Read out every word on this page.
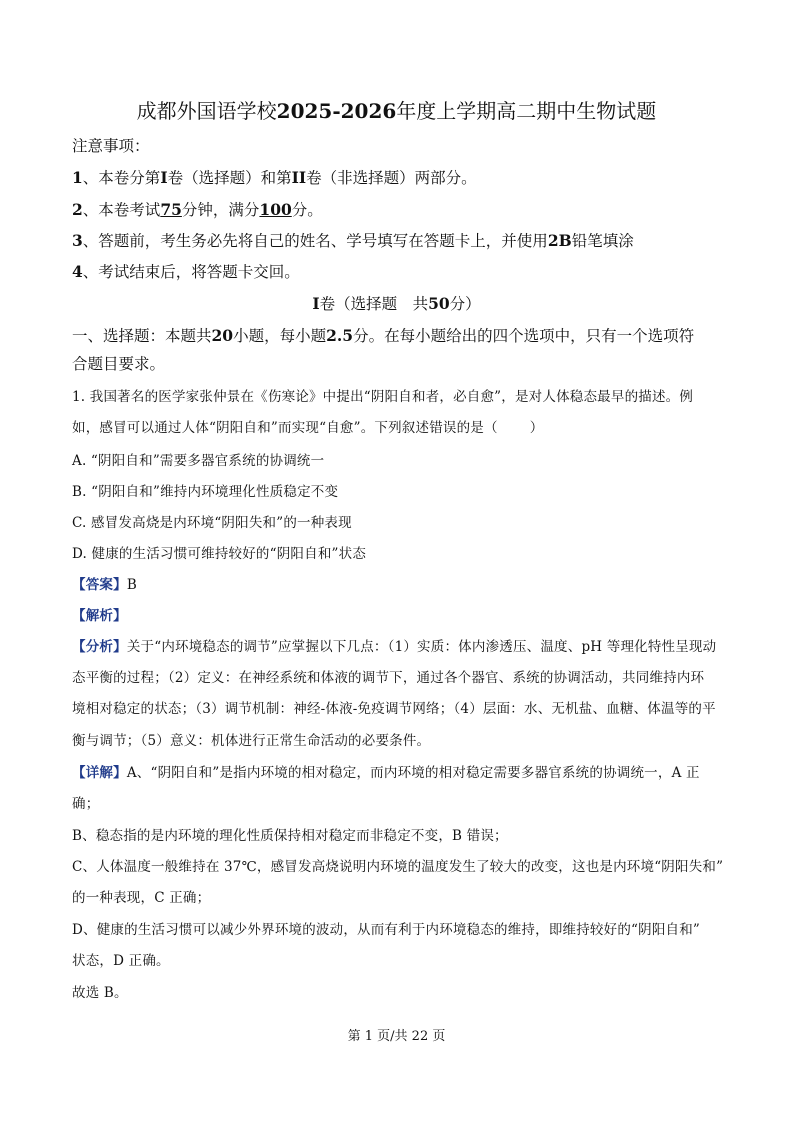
成都外国语学校2025-2026年度上学期高二期中生物试题
注意事项：
1、本卷分第I卷（选择题）和第II卷（非选择题）两部分。
2、本卷考试75分钟，满分100分。
3、答题前，考生务必先将自己的姓名、学号填写在答题卡上，并使用2B铅笔填涂
4、考试结束后，将答题卡交回。
I卷（选择题　共50分）
一、选择题：本题共20小题，每小题2.5分。在每小题给出的四个选项中，只有一个选项符
合题目要求。
1. 我国著名的医学家张仲景在《伤寒论》中提出“阴阳自和者，必自愈”，是对人体稳态最早的描述。例
如，感冒可以通过人体“阴阳自和”而实现“自愈”。下列叙述错误的是（ ）
A. “阴阳自和”需要多器官系统的协调统一
B. “阴阳自和”维持内环境理化性质稳定不变
C. 感冒发高烧是内环境“阴阳失和”的一种表现
D. 健康的生活习惯可维持较好的“阴阳自和”状态
【答案】B
【解析】
【分析】关于“内环境稳态的调节”应掌握以下几点：（1）实质：体内渗透压、温度、pH 等理化特性呈现动
态平衡的过程；（2）定义：在神经系统和体液的调节下，通过各个器官、系统的协调活动，共同维持内环
境相对稳定的状态；（3）调节机制：神经-体液-免疫调节网络；（4）层面：水、无机盐、血糖、体温等的平
衡与调节；（5）意义：机体进行正常生命活动的必要条件。
【详解】A、“阴阳自和”是指内环境的相对稳定，而内环境的相对稳定需要多器官系统的协调统一，A 正
确；
B、稳态指的是内环境的理化性质保持相对稳定而非稳定不变，B 错误；
C、人体温度一般维持在 37℃，感冒发高烧说明内环境的温度发生了较大的改变，这也是内环境“阴阳失和”
的一种表现，C 正确；
D、健康的生活习惯可以减少外界环境的波动，从而有利于内环境稳态的维持，即维持较好的“阴阳自和”
状态，D 正确。
故选 B。
第 1 页/共 22 页
